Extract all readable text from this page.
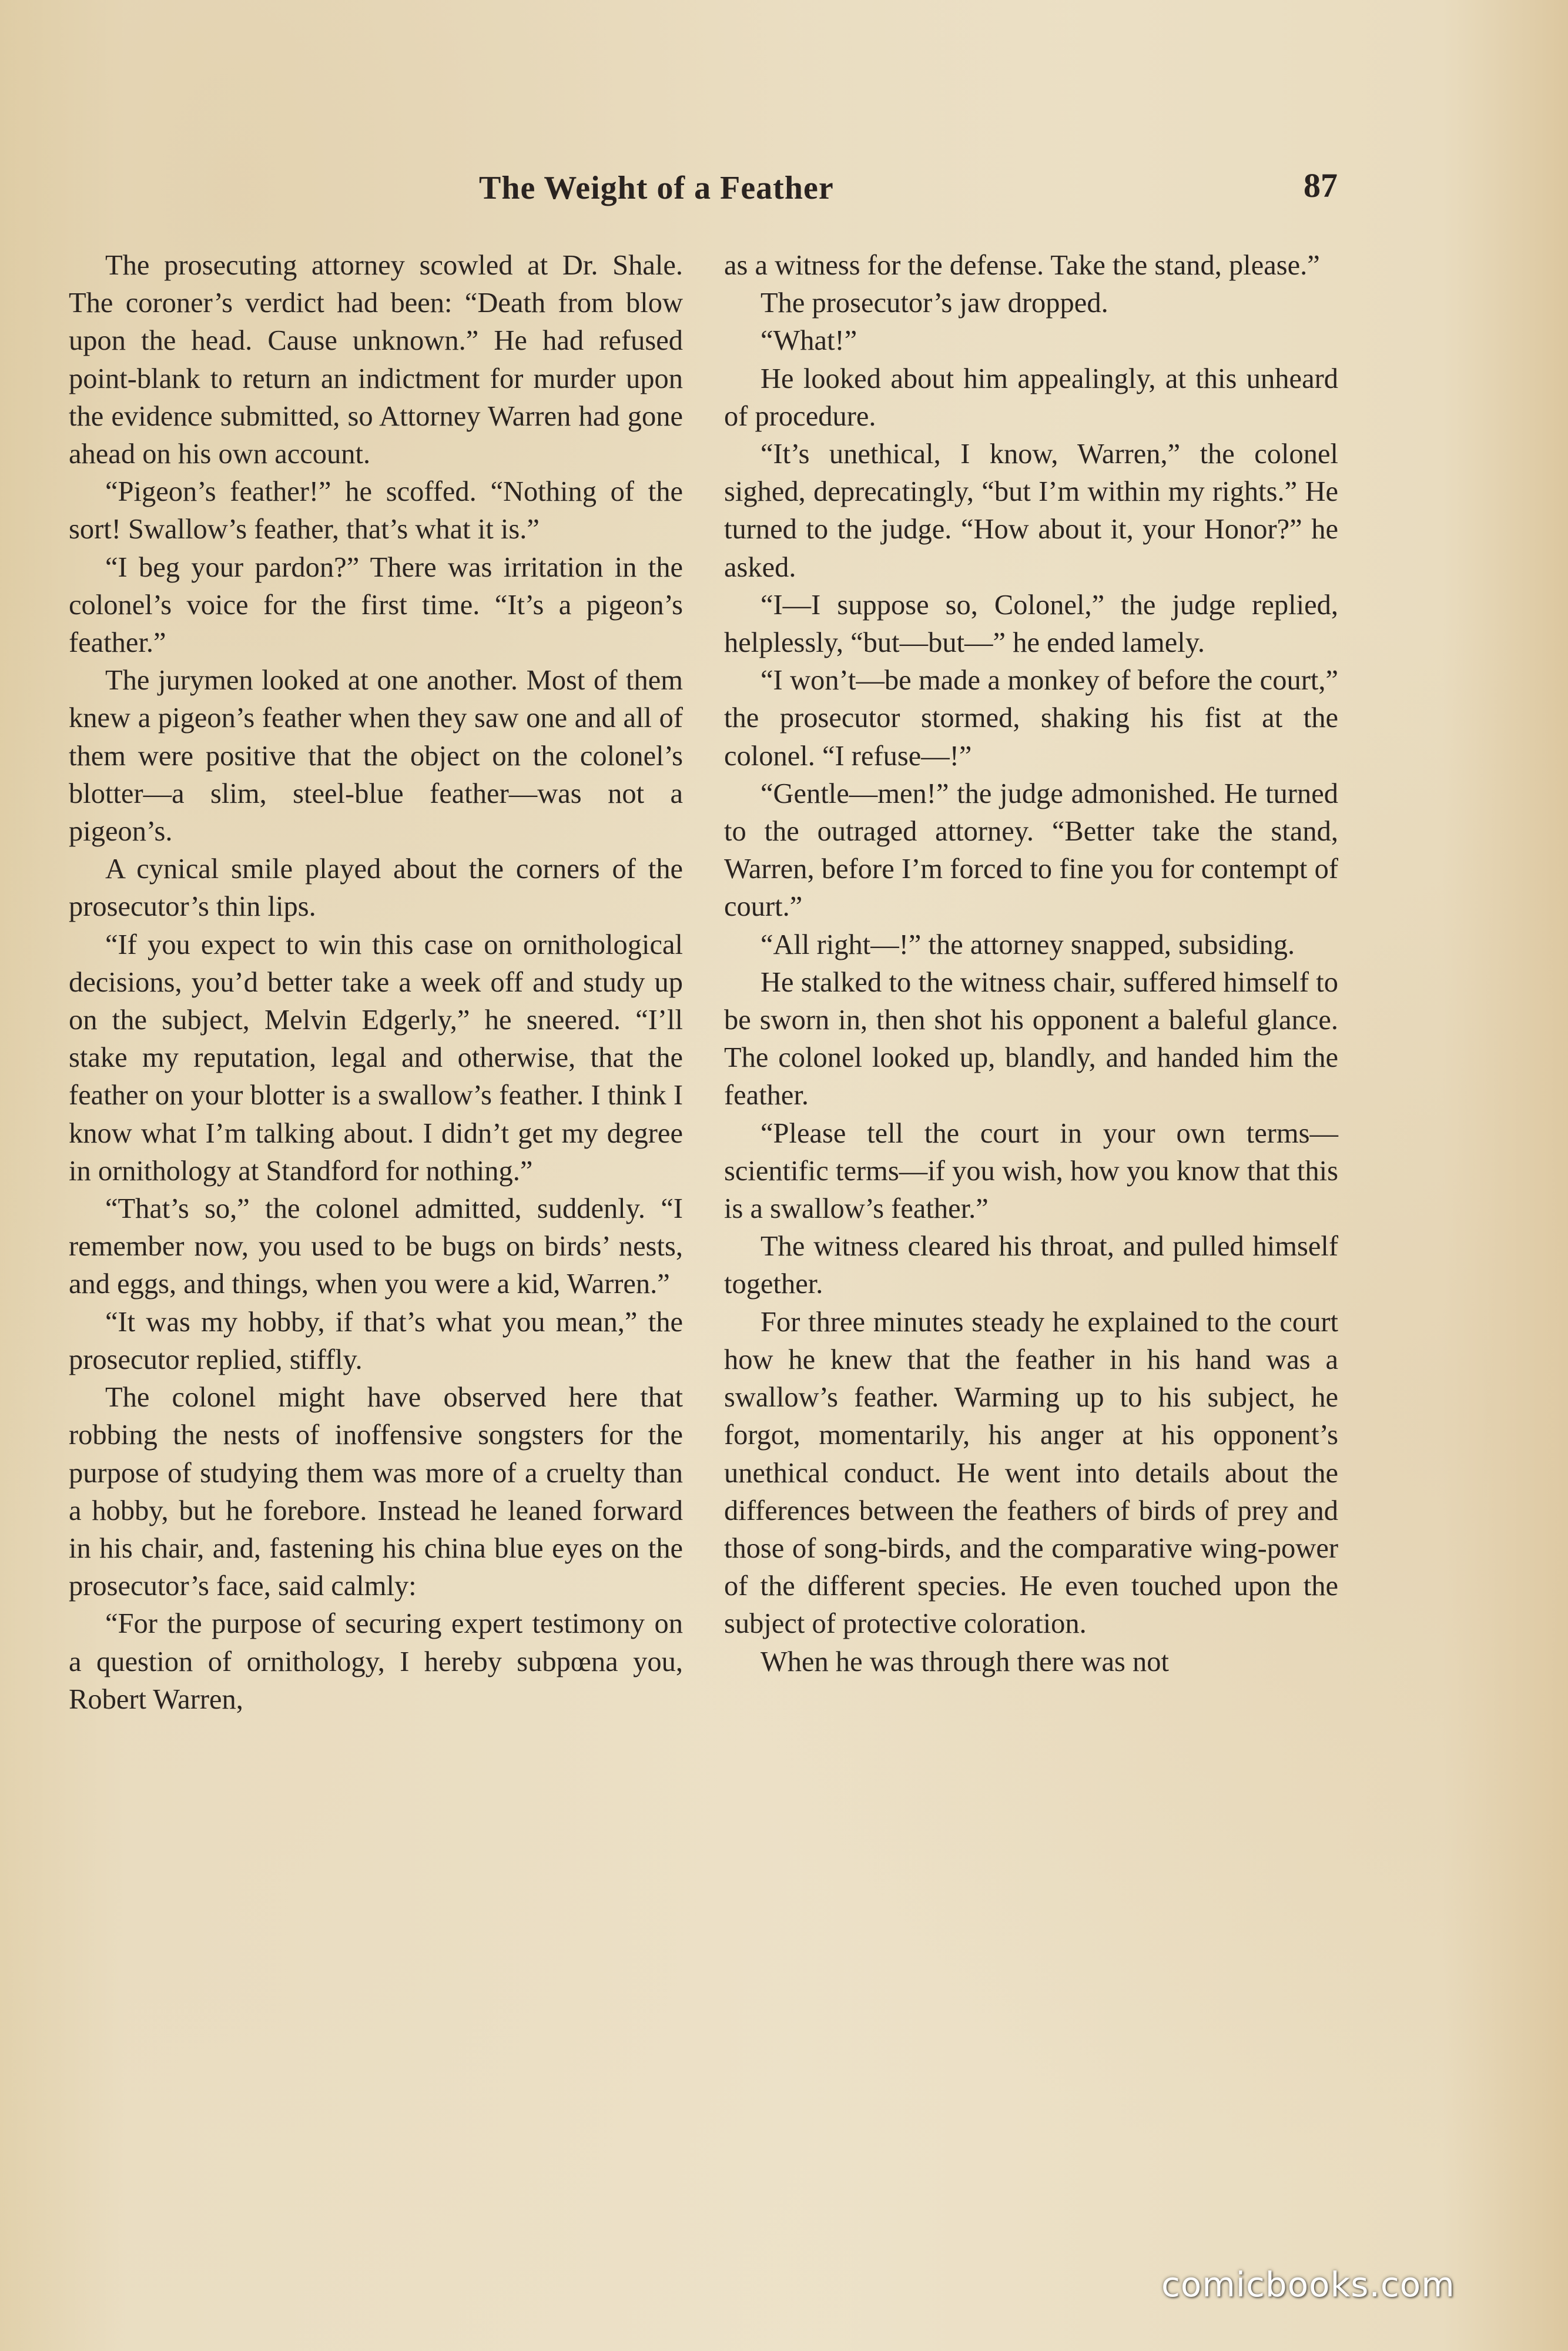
The Weight of a Feather	87

The prosecuting attorney scowled at Dr. Shale. The coroner’s verdict had been: “Death from blow upon the head. Cause unknown.” He had refused point-blank to return an indictment for murder upon the evidence submitted, so Attorney Warren had gone ahead on his own account.

“Pigeon’s feather!” he scoffed. “Nothing of the sort! Swallow’s feather, that’s what it is.”

“I beg your pardon?” There was irritation in the colonel’s voice for the first time. “It’s a pigeon’s feather.”

The jurymen looked at one another. Most of them knew a pigeon’s feather when they saw one and all of them were positive that the object on the colonel’s blotter—a slim, steel-blue feather—was not a pigeon’s.

A cynical smile played about the corners of the prosecutor’s thin lips.

“If you expect to win this case on ornithological decisions, you’d better take a week off and study up on the subject, Melvin Edgerly,” he sneered. “I’ll stake my reputation, legal and otherwise, that the feather on your blotter is a swallow’s feather. I think I know what I’m talking about. I didn’t get my degree in ornithology at Standford for nothing.”

“That’s so,” the colonel admitted, suddenly. “I remember now, you used to be bugs on birds’ nests, and eggs, and things, when you were a kid, Warren.”

“It was my hobby, if that’s what you mean,” the prosecutor replied, stiffly.

The colonel might have observed here that robbing the nests of inoffensive songsters for the purpose of studying them was more of a cruelty than a hobby, but he forebore. Instead he leaned forward in his chair, and, fastening his china blue eyes on the prosecutor’s face, said calmly:

“For the purpose of securing expert testimony on a question of ornithology, I hereby subpœna you, Robert Warren,

as a witness for the defense. Take the stand, please.”

The prosecutor’s jaw dropped.

“What!”

He looked about him appealingly, at this unheard of procedure.

“It’s unethical, I know, Warren,” the colonel sighed, deprecatingly, “but I’m within my rights.” He turned to the judge. “How about it, your Honor?” he asked.

“I—I suppose so, Colonel,” the judge replied, helplessly, “but—but—” he ended lamely.

“I won’t—be made a monkey of before the court,” the prosecutor stormed, shaking his fist at the colonel. “I refuse—!”

“Gentle—men!” the judge admonished. He turned to the outraged attorney. “Better take the stand, Warren, before I’m forced to fine you for contempt of court.”

“All right—!” the attorney snapped, subsiding.

He stalked to the witness chair, suffered himself to be sworn in, then shot his opponent a baleful glance. The colonel looked up, blandly, and handed him the feather.

“Please tell the court in your own terms—scientific terms—if you wish, how you know that this is a swallow’s feather.”

The witness cleared his throat, and pulled himself together.

For three minutes steady he explained to the court how he knew that the feather in his hand was a swallow’s feather. Warming up to his subject, he forgot, momentarily, his anger at his opponent’s unethical conduct. He went into details about the differences between the feathers of birds of prey and those of song-birds, and the comparative wing-power of the different species. He even touched upon the subject of protective coloration.

When he was through there was not

comicbooks.com
